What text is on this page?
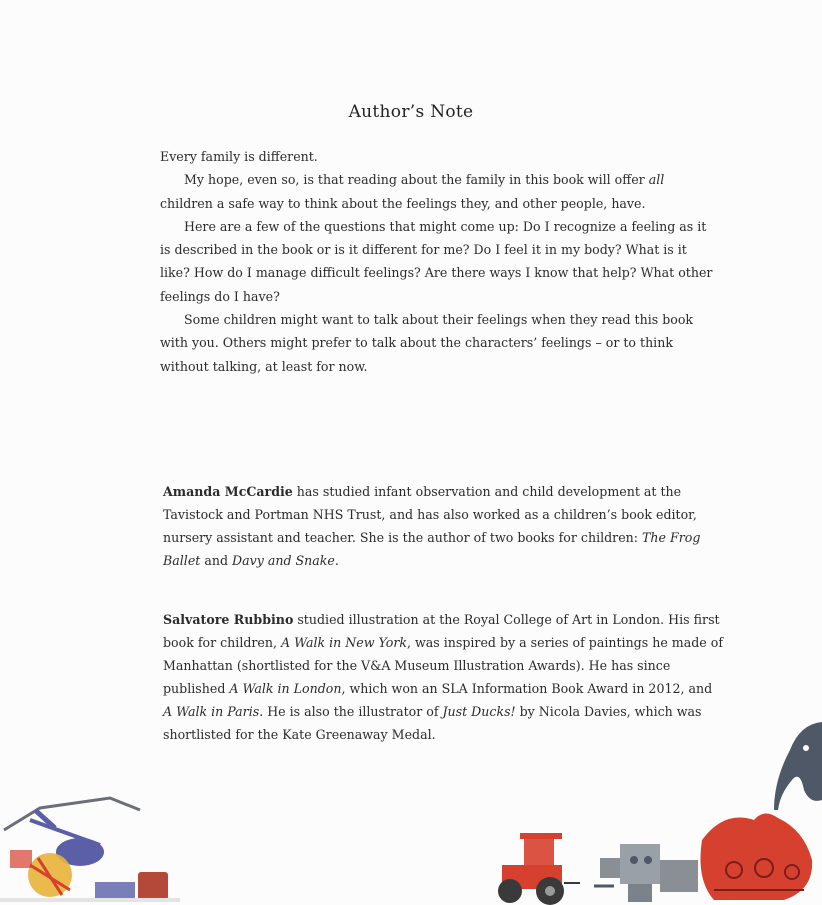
Author’s Note

Every family is different.

My hope, even so, is that reading about the family in this book will offer all children a safe way to think about the feelings they, and other people, have.

Here are a few of the questions that might come up: Do I recognize a feeling as it is described in the book or is it different for me? Do I feel it in my body? What is it like? How do I manage difficult feelings? Are there ways I know that help? What other feelings do I have?

Some children might want to talk about their feelings when they read this book with you. Others might prefer to talk about the characters’ feelings – or to think without talking, at least for now.

Amanda McCardie has studied infant observation and child development at the Tavistock and Portman NHS Trust, and has also worked as a children’s book editor, nursery assistant and teacher. She is the author of two books for children: The Frog Ballet and Davy and Snake.

Salvatore Rubbino studied illustration at the Royal College of Art in London. His first book for children, A Walk in New York, was inspired by a series of paintings he made of Manhattan (shortlisted for the V&A Museum Illustration Awards). He has since published A Walk in London, which won an SLA Information Book Award in 2012, and A Walk in Paris. He is also the illustrator of Just Ducks! by Nicola Davies, which was shortlisted for the Kate Greenaway Medal.
